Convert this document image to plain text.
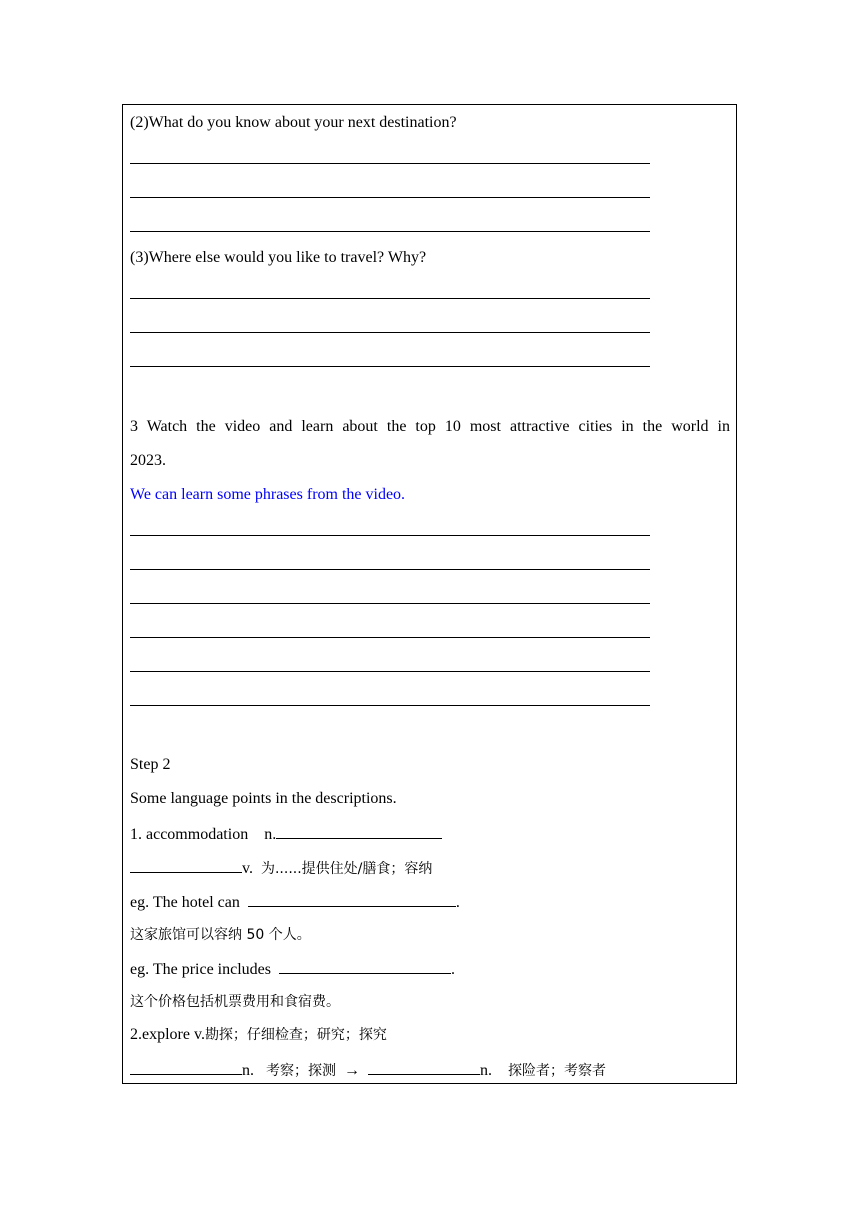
(2)What do you know about your next destination?
(3)Where else would you like to travel? Why?
3 Watch the video and learn about the top 10 most attractive cities in the world in
2023.
We can learn some phrases from the video.
Step 2
Some language points in the descriptions.
1. accommodation n.
v. 为......提供住处/膳食；容纳
eg. The hotel can	.
这家旅馆可以容纳 50 个人。
eg. The price includes	.
这个价格包括机票费用和食宿费。
2.explore v.勘探；仔细检查；研究；探究
n. 考察；探测 →	n. 探险者；考察者
